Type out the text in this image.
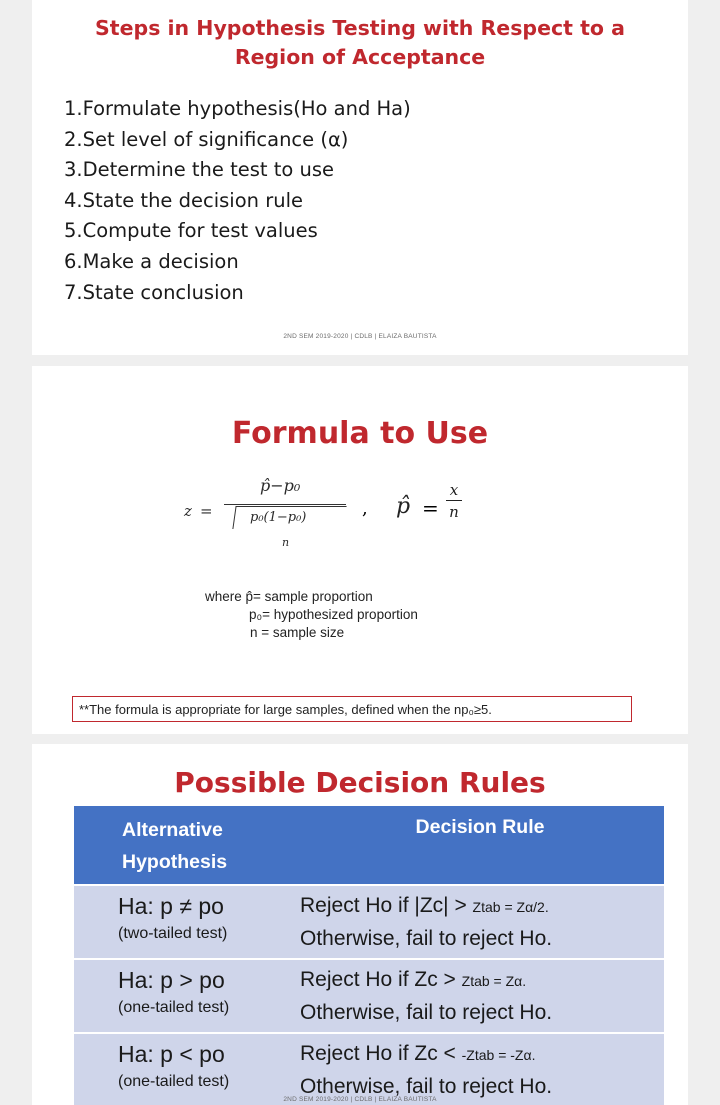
Steps in Hypothesis Testing with Respect to a
Region of Acceptance
1.Formulate hypothesis(Ho and Ha)
2.Set level of significance (α)
3.Determine the test to use
4.State the decision rule
5.Compute for test values
6.Make a decision
7.State conclusion
2ND SEM 2019-2020 | CDLB | ELAIZA BAUTISTA
Formula to Use
z =
p̂−p₀
p₀(1−p₀)
n
, p̂ =
x
n
where p̂= sample proportion
p₀= hypothesized proportion
n = sample size
**The formula is appropriate for large samples, defined when the np₀≥5.
Possible Decision Rules
Alternative
Hypothesis	Decision Rule

Ha: p ≠ po
(two-tailed test)	Reject Ho if |Zc| > Ztab = Zα/2.
Otherwise, fail to reject Ho.

Ha: p > po
(one-tailed test)	Reject Ho if Zc > Ztab = Zα.
Otherwise, fail to reject Ho.

Ha: p < po
(one-tailed test)	Reject Ho if Zc < -Ztab = -Zα.
Otherwise, fail to reject Ho.
2ND SEM 2019-2020 | CDLB | ELAIZA BAUTISTA
